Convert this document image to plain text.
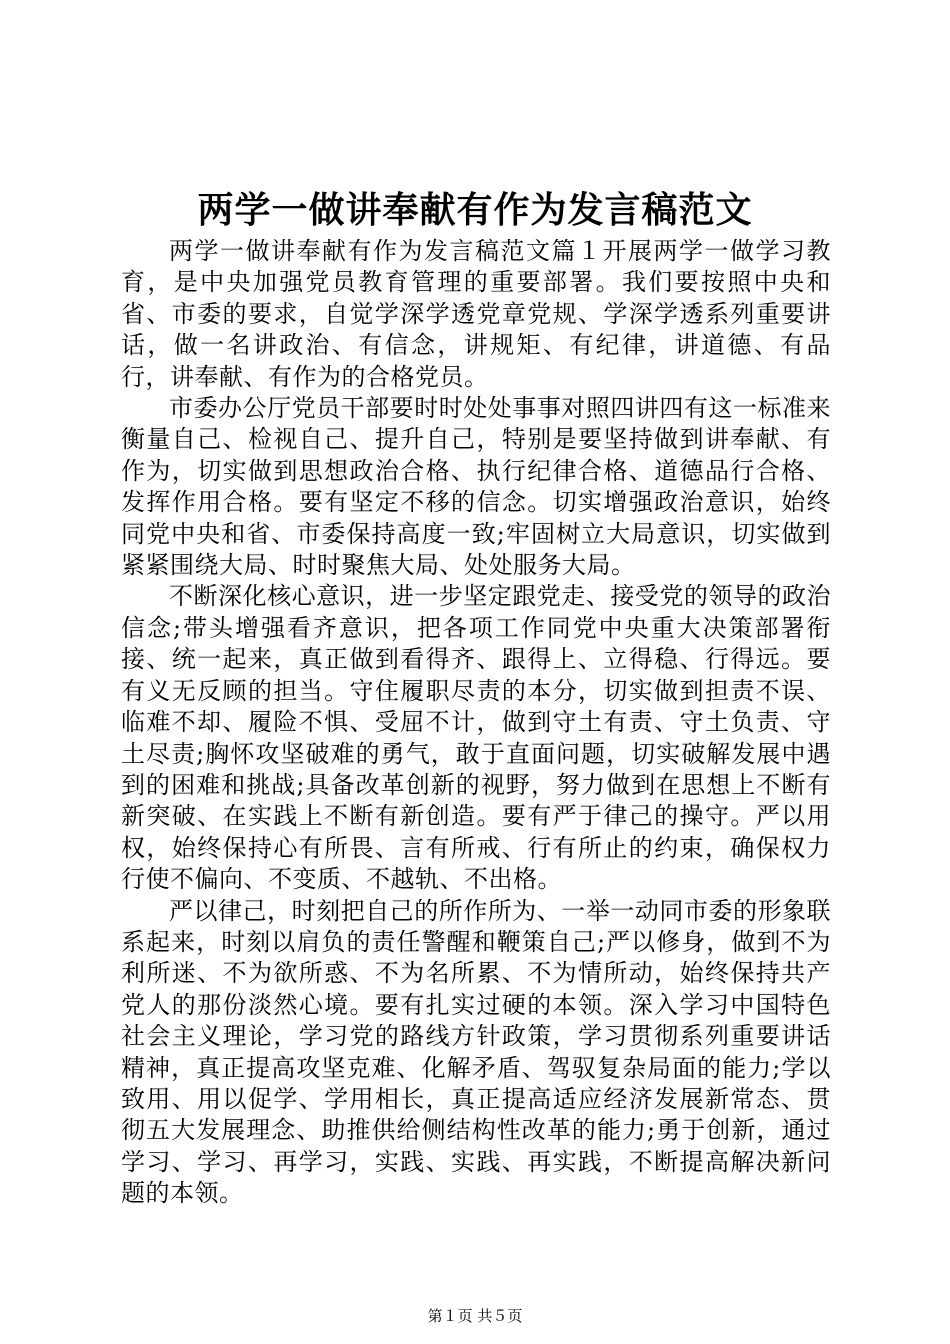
两学一做讲奉献有作为发言稿范文

两学一做讲奉献有作为发言稿范文篇１开展两学一做学习教育，是中央加强党员教育管理的重要部署。我们要按照中央和省、市委的要求，自觉学深学透党章党规、学深学透系列重要讲话，做一名讲政治、有信念，讲规矩、有纪律，讲道德、有品行，讲奉献、有作为的合格党员。

市委办公厅党员干部要时时处处事事对照四讲四有这一标准来衡量自己、检视自己、提升自己，特别是要坚持做到讲奉献、有作为，切实做到思想政治合格、执行纪律合格、道德品行合格、发挥作用合格。要有坚定不移的信念。切实增强政治意识，始终同党中央和省、市委保持高度一致;牢固树立大局意识，切实做到紧紧围绕大局、时时聚焦大局、处处服务大局。

不断深化核心意识，进一步坚定跟党走、接受党的领导的政治信念;带头增强看齐意识，把各项工作同党中央重大决策部署衔接、统一起来，真正做到看得齐、跟得上、立得稳、行得远。要有义无反顾的担当。守住履职尽责的本分，切实做到担责不误、临难不却、履险不惧、受屈不计，做到守土有责、守土负责、守土尽责;胸怀攻坚破难的勇气，敢于直面问题，切实破解发展中遇到的困难和挑战;具备改革创新的视野，努力做到在思想上不断有新突破、在实践上不断有新创造。要有严于律己的操守。严以用权，始终保持心有所畏、言有所戒、行有所止的约束，确保权力行使不偏向、不变质、不越轨、不出格。

严以律己，时刻把自己的所作所为、一举一动同市委的形象联系起来，时刻以肩负的责任警醒和鞭策自己;严以修身，做到不为利所迷、不为欲所惑、不为名所累、不为情所动，始终保持共产党人的那份淡然心境。要有扎实过硬的本领。深入学习中国特色社会主义理论，学习党的路线方针政策，学习贯彻系列重要讲话精神，真正提高攻坚克难、化解矛盾、驾驭复杂局面的能力;学以致用、用以促学、学用相长，真正提高适应经济发展新常态、贯彻五大发展理念、助推供给侧结构性改革的能力;勇于创新，通过学习、学习、再学习，实践、实践、再实践，不断提高解决新问题的本领。

第１页 共５页
